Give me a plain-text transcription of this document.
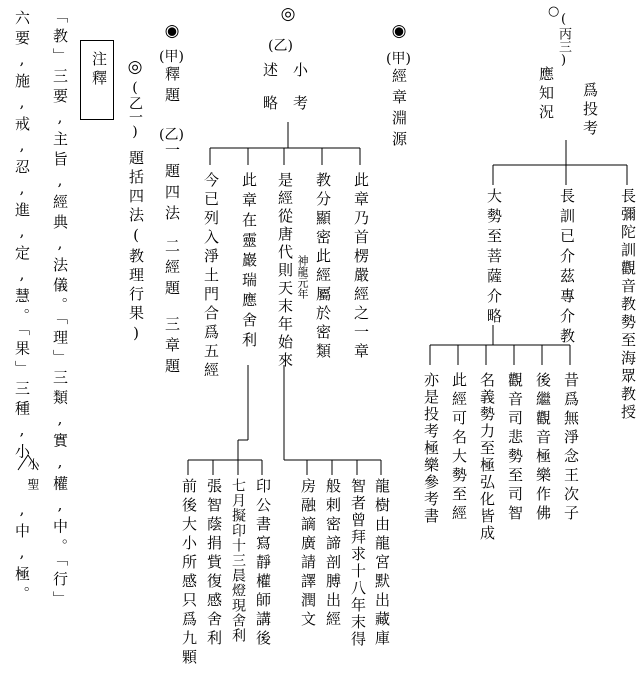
◎
(乙)
小考
述略
○
(丙三)
爲投考
應知況
長彌陀訓觀音教勢至海眾教授
長訓已介茲專介教
大勢至菩薩介略
昔爲無淨念王次子
後繼觀音極樂作佛
觀音司悲勢至司智
名義勢力至極弘化皆成
此經可名大勢至經
亦是投考極樂參考書
◉
(甲)
經章淵源
此章乃首楞嚴經之一章
教分顯密此經屬於密類
神龍元年
是經從唐代則天末年始來
此章在靈巖瑞應舍利
今已列入淨土門合爲五經
龍樹由龍宮默出藏庫
智者曾拜求十八年末得
般剌密諦剖膊出經
房融謫廣請譯潤文
印公書寫靜權師講後
七月擬印十三晨燈現舍利
張智蔭捐貲復感舍利
前後大小所感只爲九顆
◉
(甲)
釋題
(乙)
一題四法
二經題
三章題
◎
(乙一)
題括四法(教理行果)
注釋
「教」三要,主旨,經典,法儀。「理」三類,實,權,中。「行」
六要,施,戒,忍,進,定,慧。「果」三種,小
小聖
,中,極。
